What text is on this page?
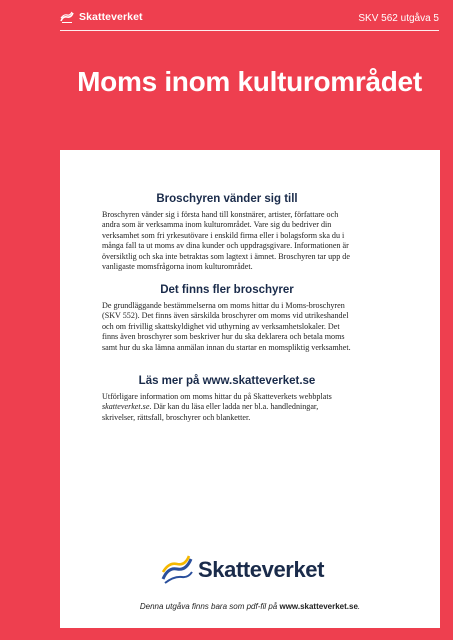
Skatteverket	SKV 562 utgåva 5
Moms inom kulturområdet
Broschyren vänder sig till

Broschyren vänder sig i första hand till konstnärer, artister, författare och andra som är verksamma inom kulturområdet. Vare sig du bedriver din verksamhet som fri yrkesutövare i enskild firma eller i bolagsform ska du i många fall ta ut moms av dina kunder och uppdragsgivare. Informationen är översiktlig och ska inte betraktas som lagtext i ämnet. Broschyren tar upp de vanligaste momsfrågorna inom kulturområdet.

Det finns fler broschyrer

De grundläggande bestämmelserna om moms hittar du i Moms-broschyren (SKV 552). Det finns även särskilda broschyrer om moms vid utrikeshandel och om frivillig skattskyldighet vid uthyrning av verksamhetslokaler. Det finns även broschyrer som beskriver hur du ska deklarera och betala moms samt hur du ska lämna anmälan innan du startar en momspliktig verksamhet.

Läs mer på www.skatteverket.se

Utförligare information om moms hittar du på Skatteverkets webbplats skatteverket.se. Där kan du läsa eller ladda ner bl.a. handledningar, skrivelser, rättsfall, broschyrer och blanketter.

Skatteverket
Denna utgåva finns bara som pdf-fil på www.skatteverket.se.
